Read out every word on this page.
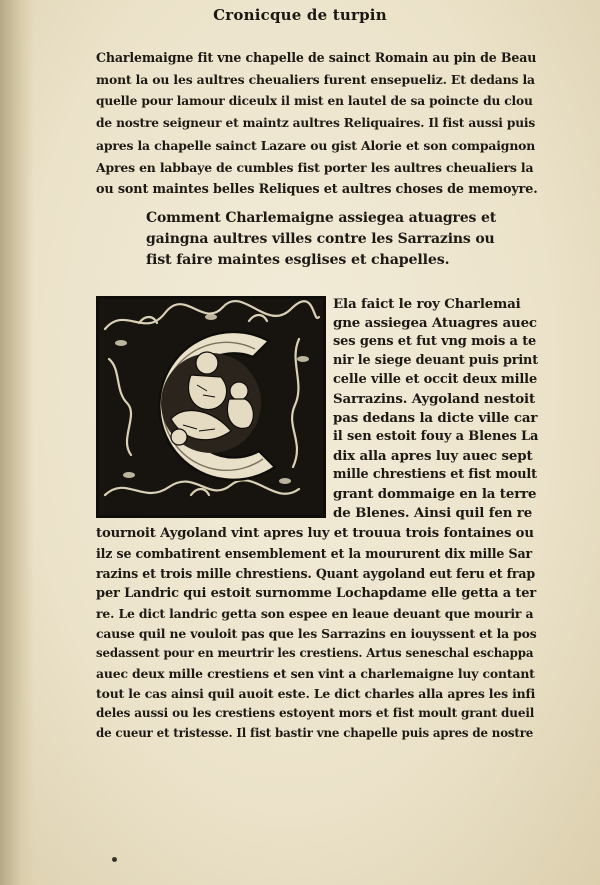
Cronicque de turpin
Charlemaigne fit vne chapelle de sainct Romain au pin de Beau
mont la ou les aultres cheualiers furent ensepueliz. Et dedans la
quelle pour lamour diceulx il mist en lautel de sa poincte du clou
de nostre seigneur et maintz aultres Reliquaires. Il fist aussi puis
apres la chapelle sainct Lazare ou gist Alorie et son compaignon
Apres en labbaye de cumbles fist porter les aultres cheualiers la
ou sont maintes belles Reliques et aultres choses de memoyre.
Comment Charlemaigne assiegea atuagres et
gaingna aultres villes contre les Sarrazins ou
fist faire maintes esglises et chapelles.
Ela faict le roy Charlemai
gne assiegea Atuagres auec
ses gens et fut vng mois a te
nir le siege deuant puis print
celle ville et occit deux mille
Sarrazins. Aygoland nestoit
pas dedans la dicte ville car
il sen estoit fouy a Blenes La
dix alla apres luy auec sept
mille chrestiens et fist moult
grant dommaige en la terre
de Blenes. Ainsi quil fen re
tournoit Aygoland vint apres luy et trouua trois fontaines ou
ilz se combatirent ensemblement et la moururent dix mille Sar
razins et trois mille chrestiens. Quant aygoland eut feru et frap
per Landric qui estoit surnomme Lochapdame elle getta a ter
re. Le dict landric getta son espee en leaue deuant que mourir a
cause quil ne vouloit pas que les Sarrazins en iouyssent et la pos
sedassent pour en meurtrir les crestiens. Artus seneschal eschappa
auec deux mille crestiens et sen vint a charlemaigne luy contant
tout le cas ainsi quil auoit este. Le dict charles alla apres les infi
deles aussi ou les crestiens estoyent mors et fist moult grant dueil
de cueur et tristesse. Il fist bastir vne chapelle puis apres de nostre
